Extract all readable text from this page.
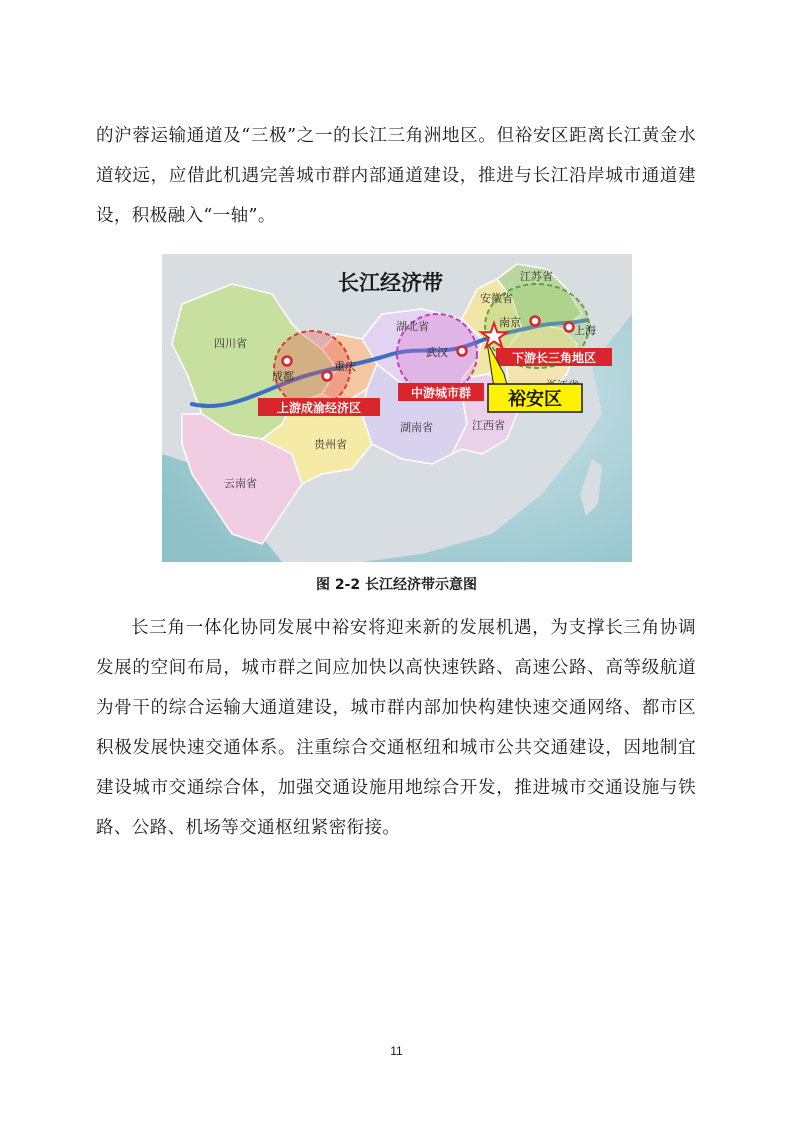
的沪蓉运输通道及“三极”之一的长江三角洲地区。但裕安区距离长江黄金水道较远，应借此机遇完善城市群内部通道建设，推进与长江沿岸城市通道建设，积极融入“一轴”。

长江经济带
四川省
云南省
贵州省
湖南省
湖北省
江西省
安徽省
江苏省
成都
重庆
武汉
南京
上海
上游成渝经济区
中游城市群
下游长三角地区
裕安区
图 2-2 长江经济带示意图

长三角一体化协同发展中裕安将迎来新的发展机遇，为支撑长三角协调发展的空间布局，城市群之间应加快以高快速铁路、高速公路、高等级航道为骨干的综合运输大通道建设，城市群内部加快构建快速交通网络、都市区积极发展快速交通体系。注重综合交通枢纽和城市公共交通建设，因地制宜建设城市交通综合体，加强交通设施用地综合开发，推进城市交通设施与铁路、公路、机场等交通枢纽紧密衔接。

11
